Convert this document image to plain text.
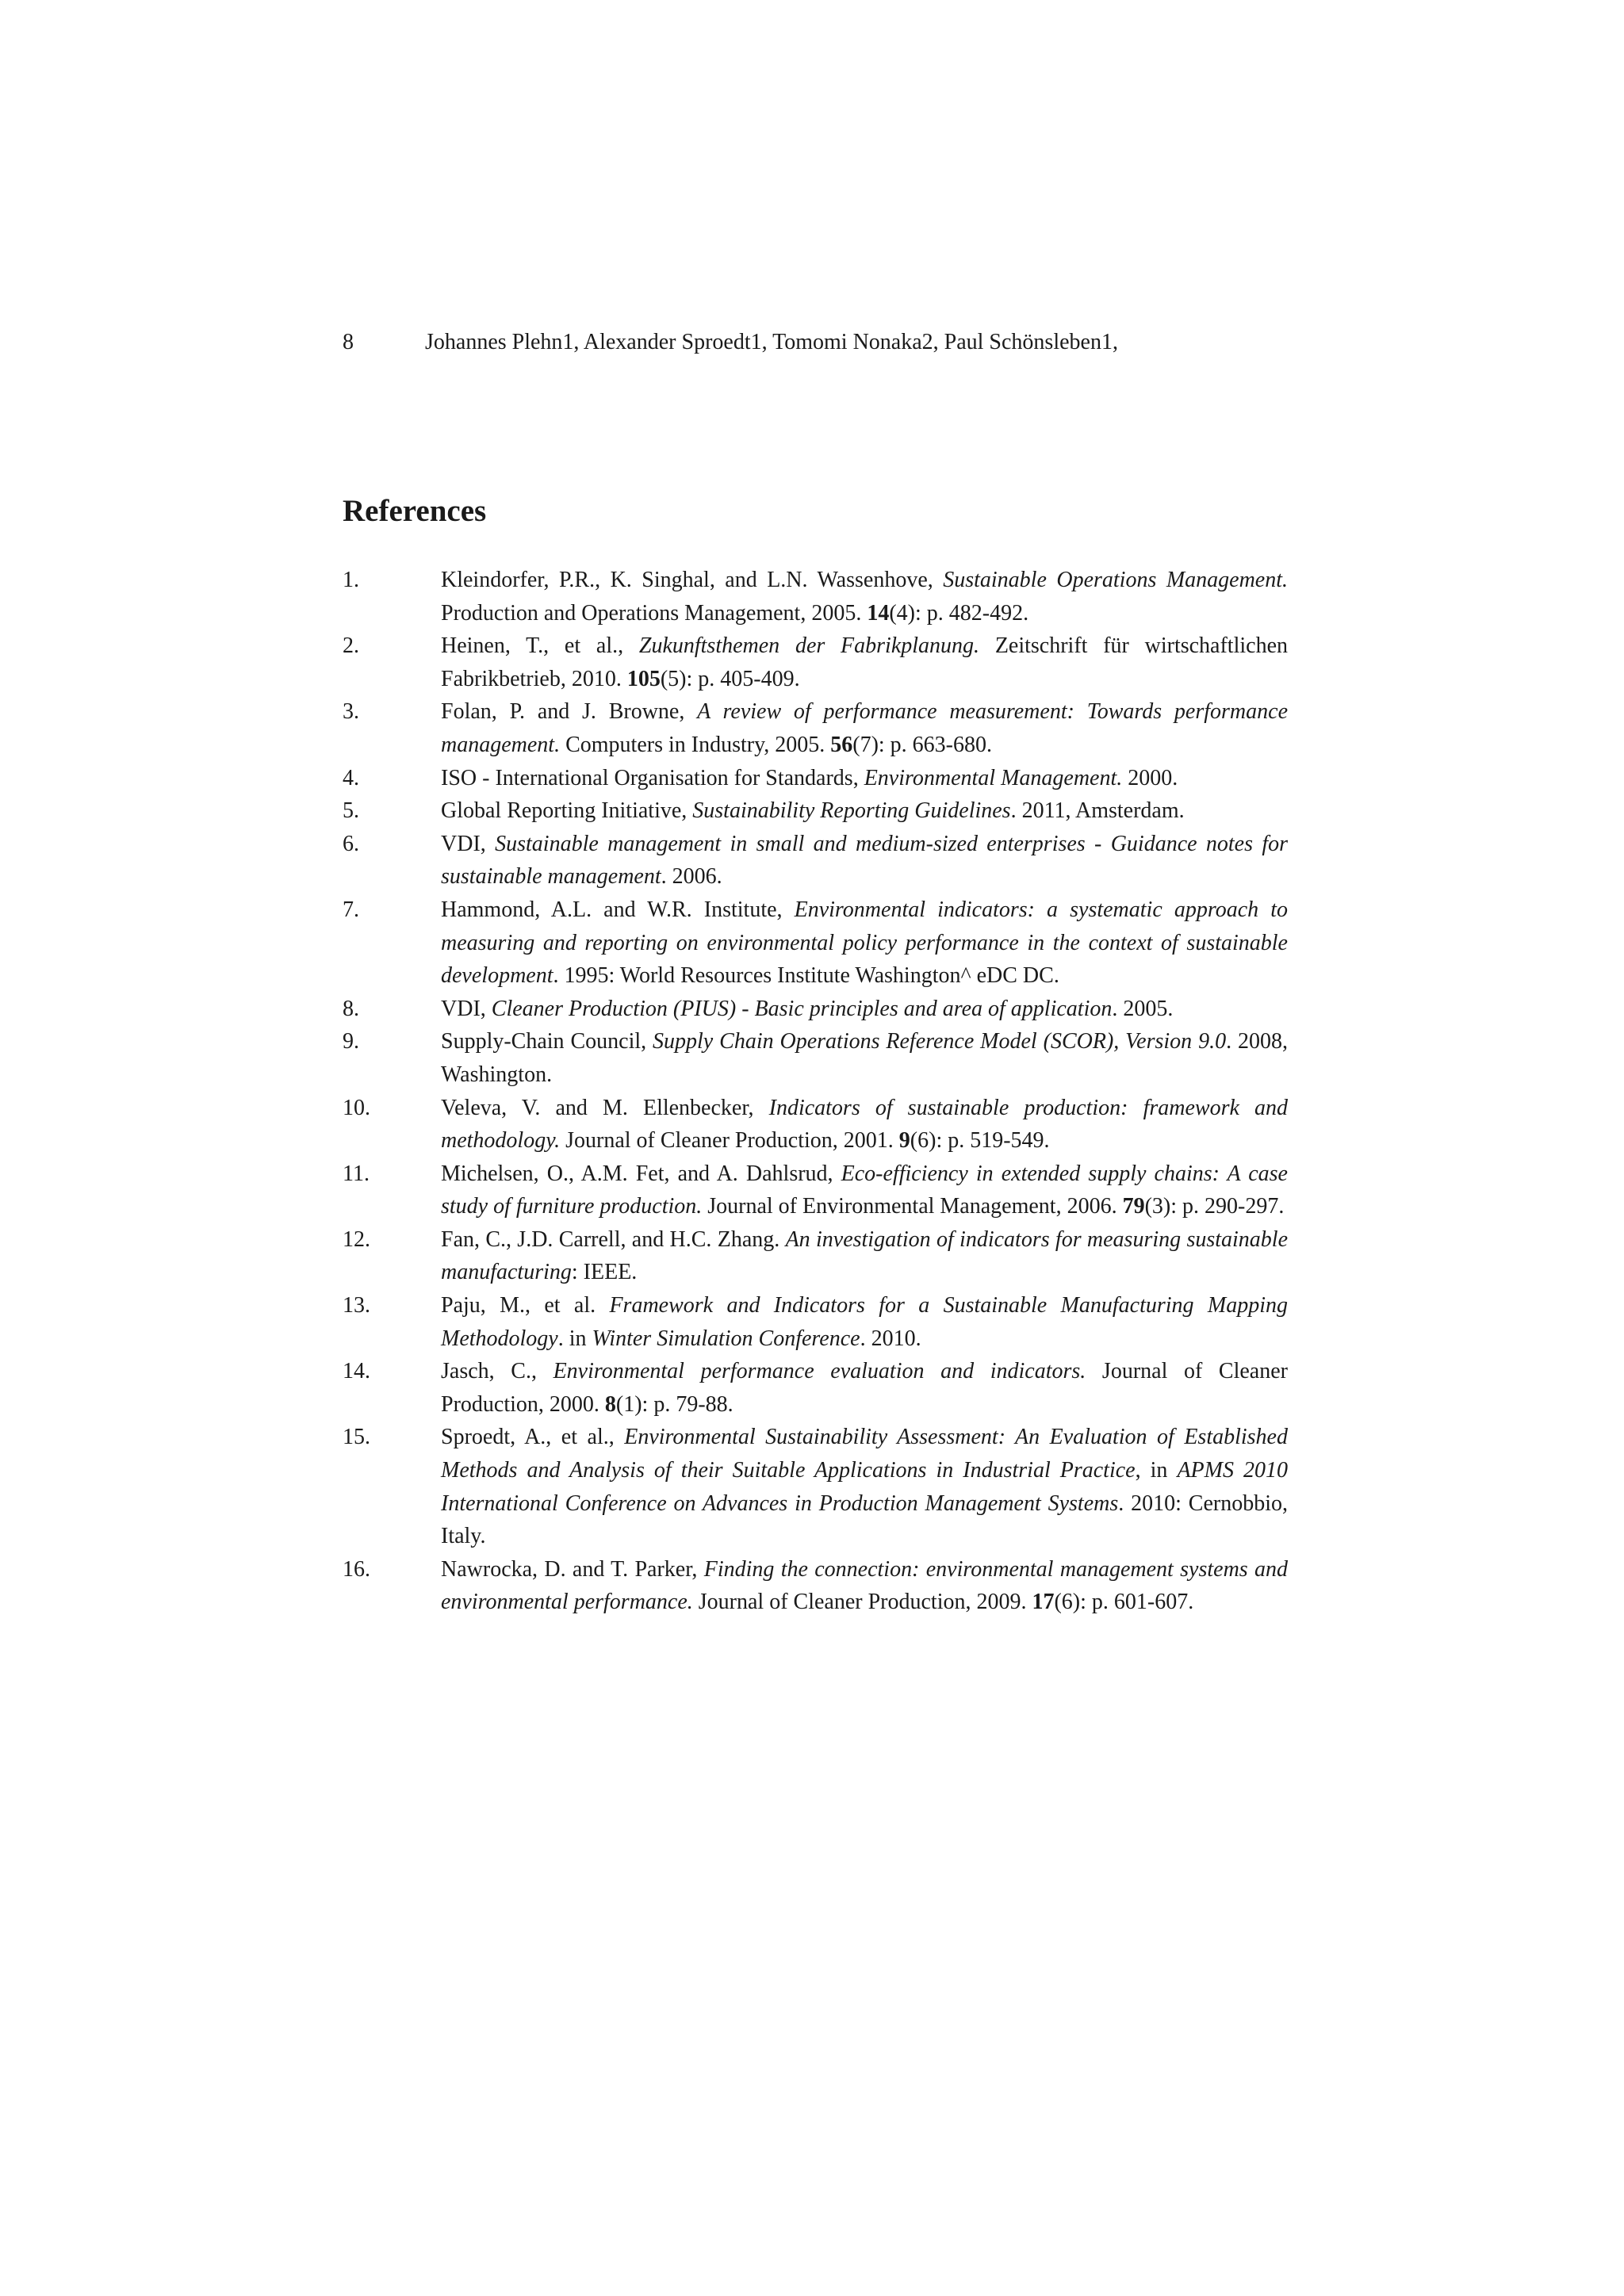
8	Johannes Plehn1, Alexander Sproedt1, Tomomi Nonaka2, Paul Schönsleben1,
References
1.	Kleindorfer, P.R., K. Singhal, and L.N. Wassenhove, Sustainable Operations Management. Production and Operations Management, 2005. 14(4): p. 482-492.
2.	Heinen, T., et al., Zukunftsthemen der Fabrikplanung. Zeitschrift für wirtschaftlichen Fabrikbetrieb, 2010. 105(5): p. 405-409.
3.	Folan, P. and J. Browne, A review of performance measurement: Towards performance management. Computers in Industry, 2005. 56(7): p. 663-680.
4.	ISO - International Organisation for Standards, Environmental Management. 2000.
5.	Global Reporting Initiative, Sustainability Reporting Guidelines. 2011, Amsterdam.
6.	VDI, Sustainable management in small and medium-sized enterprises - Guidance notes for sustainable management. 2006.
7.	Hammond, A.L. and W.R. Institute, Environmental indicators: a systematic approach to measuring and reporting on environmental policy performance in the context of sustainable development. 1995: World Resources Institute Washington^ eDC DC.
8.	VDI, Cleaner Production (PIUS) - Basic principles and area of application. 2005.
9.	Supply-Chain Council, Supply Chain Operations Reference Model (SCOR), Version 9.0. 2008, Washington.
10.	Veleva, V. and M. Ellenbecker, Indicators of sustainable production: framework and methodology. Journal of Cleaner Production, 2001. 9(6): p. 519-549.
11.	Michelsen, O., A.M. Fet, and A. Dahlsrud, Eco-efficiency in extended supply chains: A case study of furniture production. Journal of Environmental Management, 2006. 79(3): p. 290-297.
12.	Fan, C., J.D. Carrell, and H.C. Zhang. An investigation of indicators for measuring sustainable manufacturing: IEEE.
13.	Paju, M., et al. Framework and Indicators for a Sustainable Manufacturing Mapping Methodology. in Winter Simulation Conference. 2010.
14.	Jasch, C., Environmental performance evaluation and indicators. Journal of Cleaner Production, 2000. 8(1): p. 79-88.
15.	Sproedt, A., et al., Environmental Sustainability Assessment: An Evaluation of Established Methods and Analysis of their Suitable Applications in Industrial Practice, in APMS 2010 International Conference on Advances in Production Management Systems. 2010: Cernobbio, Italy.
16.	Nawrocka, D. and T. Parker, Finding the connection: environmental management systems and environmental performance. Journal of Cleaner Production, 2009. 17(6): p. 601-607.
